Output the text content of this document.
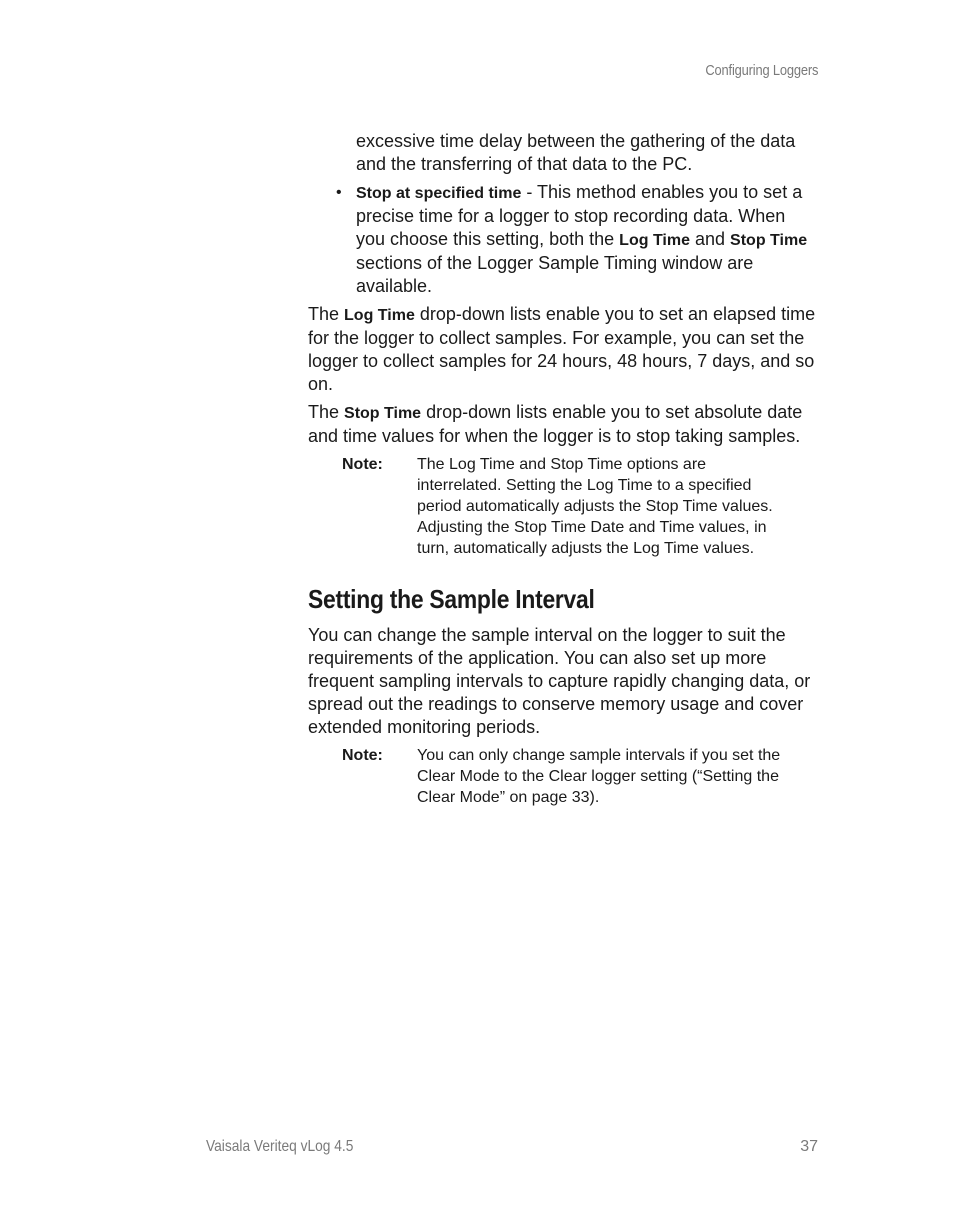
Configuring Loggers

excessive time delay between the gathering of the data and the transferring of that data to the PC.

• Stop at specified time - This method enables you to set a precise time for a logger to stop recording data. When you choose this setting, both the Log Time and Stop Time sections of the Logger Sample Timing window are available.

The Log Time drop-down lists enable you to set an elapsed time for the logger to collect samples. For example, you can set the logger to collect samples for 24 hours, 48 hours, 7 days, and so on.

The Stop Time drop-down lists enable you to set absolute date and time values for when the logger is to stop taking samples.

Note:	The Log Time and Stop Time options are interrelated. Setting the Log Time to a specified period automatically adjusts the Stop Time values. Adjusting the Stop Time Date and Time values, in turn, automatically adjusts the Log Time values.
Setting the Sample Interval

You can change the sample interval on the logger to suit the requirements of the application. You can also set up more frequent sampling intervals to capture rapidly changing data, or spread out the readings to conserve memory usage and cover extended monitoring periods.

Note:	You can only change sample intervals if you set the Clear Mode to the Clear logger setting (“Setting the Clear Mode” on page 33).
Vaisala Veriteq vLog 4.5	37
